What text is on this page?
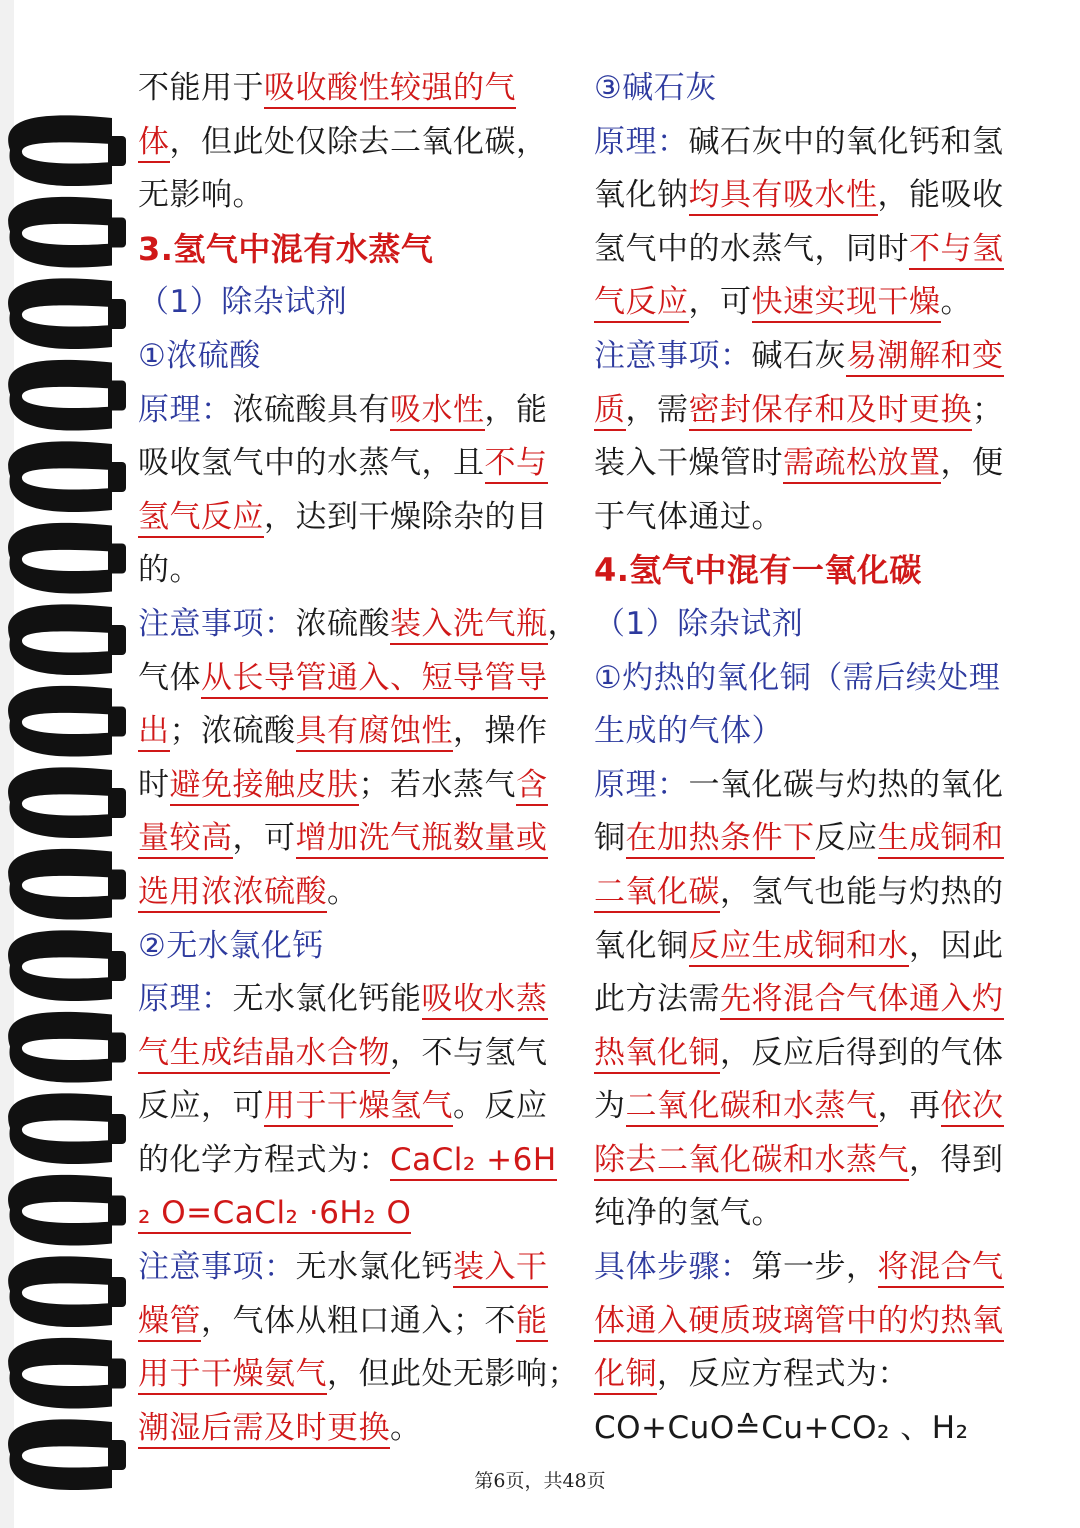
不能用于吸收酸性较强的气
体，但此处仅除去二氧化碳，
无影响。
3.氢气中混有水蒸气
（1）除杂试剂
①浓硫酸
原理：浓硫酸具有吸水性，能
吸收氢气中的水蒸气，且不与
氢气反应，达到干燥除杂的目
的。
注意事项：浓硫酸装入洗气瓶，
气体从长导管通入、短导管导
出；浓硫酸具有腐蚀性，操作
时避免接触皮肤；若水蒸气含
量较高，可增加洗气瓶数量或
选用浓浓硫酸。
②无水氯化钙
原理：无水氯化钙能吸收水蒸
气生成结晶水合物，不与氢气
反应，可用于干燥氢气。反应
的化学方程式为：CaCl₂ +6H
₂ O=CaCl₂ ·6H₂ O
注意事项：无水氯化钙装入干
燥管，气体从粗口通入；不能
用于干燥氨气，但此处无影响；
潮湿后需及时更换。
③碱石灰
原理：碱石灰中的氧化钙和氢
氧化钠均具有吸水性，能吸收
氢气中的水蒸气，同时不与氢
气反应，可快速实现干燥。
注意事项：碱石灰易潮解和变
质，需密封保存和及时更换；
装入干燥管时需疏松放置，便
于气体通过。
4.氢气中混有一氧化碳
（1）除杂试剂
①灼热的氧化铜（需后续处理
生成的气体）
原理：一氧化碳与灼热的氧化
铜在加热条件下反应生成铜和
二氧化碳，氢气也能与灼热的
氧化铜反应生成铜和水，因此
此方法需先将混合气体通入灼
热氧化铜，反应后得到的气体
为二氧化碳和水蒸气，再依次
除去二氧化碳和水蒸气，得到
纯净的氢气。
具体步骤：第一步，将混合气
体通入硬质玻璃管中的灼热氧
化铜，反应方程式为：
CO+CuO≙Cu+CO₂ 、H₂
第6页，共48页
